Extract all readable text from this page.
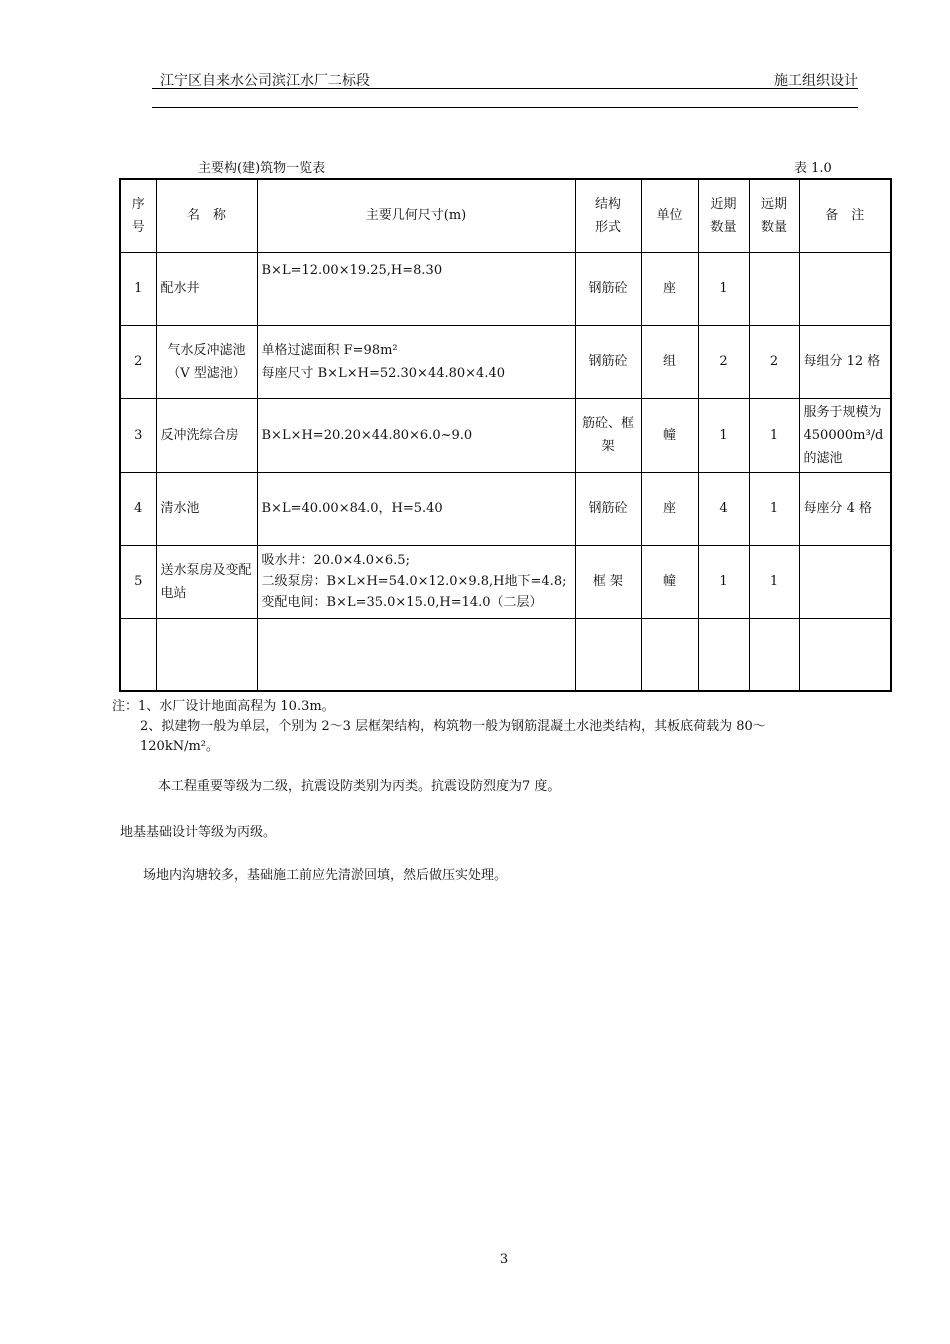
江宁区自来水公司滨江水厂二标段	施工组织设计
主要构(建)筑物一览表	表 1.0
序
号	名　称	主要几何尺寸(m)	结构
形式	单位	近期
数量	远期
数量	备　注
1	配水井	B×L=12.00×19.25,H=8.30	钢筋砼	座	1		
2	气水反冲滤池（V 型滤池）	单格过滤面积 F=98m²
每座尺寸 B×L×H=52.30×44.80×4.40	钢筋砼	组	2	2	每组分 12 格
3	反冲洗综合房	B×L×H=20.20×44.80×6.0~9.0	筋砼、框架	幢	1	1	服务于规模为 450000m³/d 的滤池
4	清水池	B×L=40.00×84.0，H=5.40	钢筋砼	座	4	1	每座分 4 格
5	送水泵房及变配电站	吸水井：20.0×4.0×6.5;
二级泵房：B×L×H=54.0×12.0×9.8,H地下=4.8;
变配电间：B×L=35.0×15.0,H=14.0（二层）	框 架	幢	1	1	

注：1、水厂设计地面高程为 10.3m。
2、拟建物一般为单层，个别为 2～3 层框架结构，构筑物一般为钢筋混凝土水池类结构，其板底荷载为 80～
120kN/m²。
本工程重要等级为二级，抗震设防类别为丙类。抗震设防烈度为7 度。
地基基础设计等级为丙级。
场地内沟塘较多，基础施工前应先清淤回填，然后做压实处理。
3
